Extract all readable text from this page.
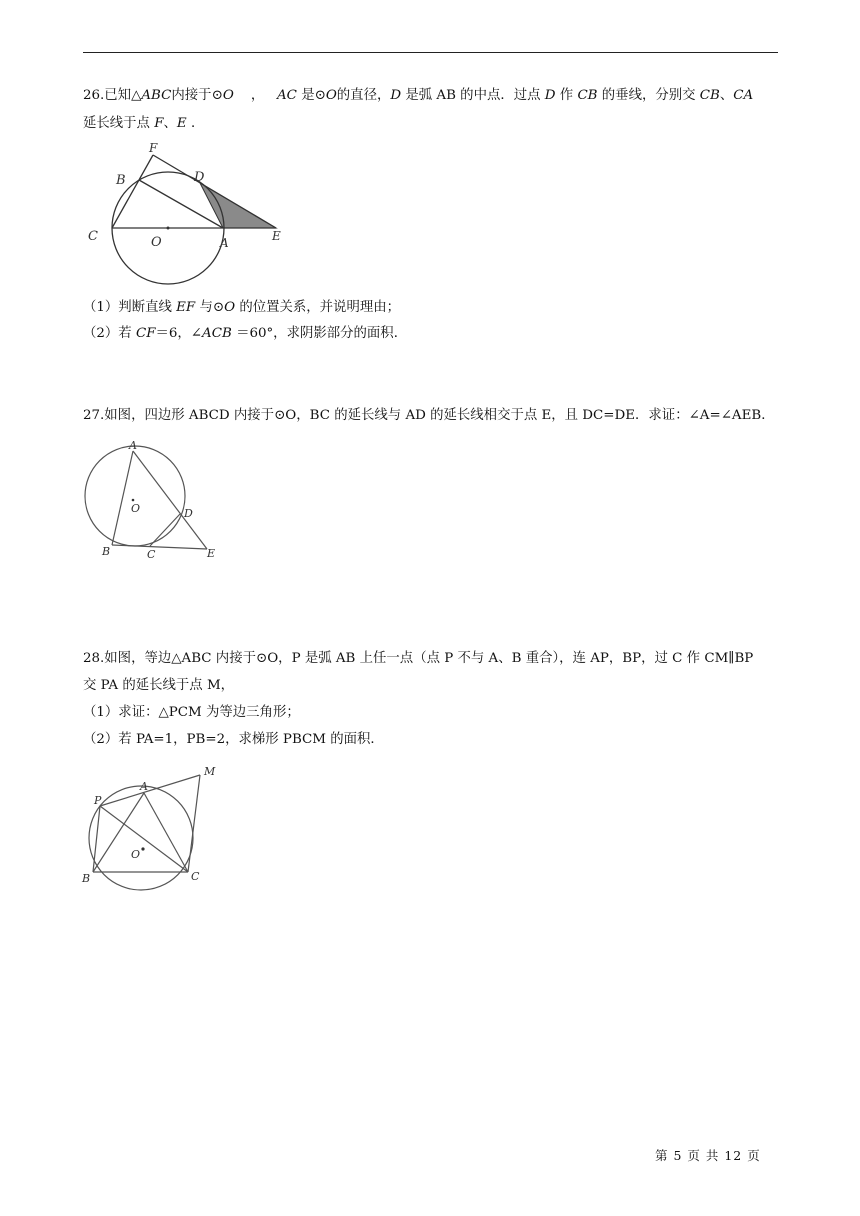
26.已知△ABC内接于⊙O ， AC 是⊙O的直径，D 是弧 AB 的中点．过点 D 作 CB 的垂线，分别交 CB、CA
延长线于点 F、E ．
F
B	D
C	O	A	E
（1）判断直线 EF 与⊙O 的位置关系，并说明理由；
（2）若 CF＝6，∠ACB ＝60°，求阴影部分的面积．
27.如图，四边形 ABCD 内接于⊙O，BC 的延长线与 AD 的延长线相交于点 E，且 DC=DE．求证：∠A=∠AEB．
A
O	D
B	C	E
28.如图，等边△ABC 内接于⊙O，P 是弧 AB 上任一点（点 P 不与 A、B 重合），连 AP，BP，过 C 作 CM∥BP
交 PA 的延长线于点 M，
（1）求证：△PCM 为等边三角形；
（2）若 PA=1，PB=2，求梯形 PBCM 的面积．
M
A
P
O
B	C
第 5 页 共 12 页
